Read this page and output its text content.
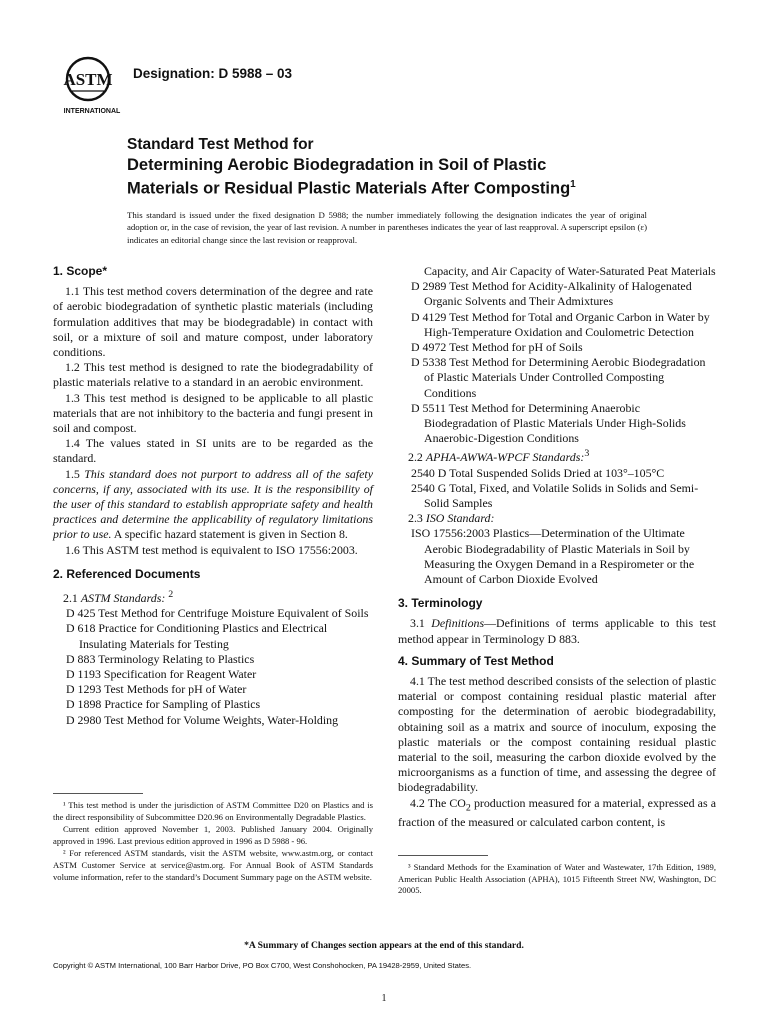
ASTM
INTERNATIONAL
Designation: D 5988 – 03
Standard Test Method for
Determining Aerobic Biodegradation in Soil of Plastic
Materials or Residual Plastic Materials After Composting$^1$
This standard is issued under the fixed designation D 5988; the number immediately following the designation indicates the year of original adoption or, in the case of revision, the year of last revision. A number in parentheses indicates the year of last reapproval. A superscript epsilon (ε) indicates an editorial change since the last revision or reapproval.
1. Scope*

1.1 This test method covers determination of the degree and rate of aerobic biodegradation of synthetic plastic materials (including formulation additives that may be biodegradable) in contact with soil, or a mixture of soil and mature compost, under laboratory conditions.

1.2 This test method is designed to rate the biodegradability of plastic materials relative to a standard in an aerobic environment.

1.3 This test method is designed to be applicable to all plastic materials that are not inhibitory to the bacteria and fungi present in soil and compost.

1.4 The values stated in SI units are to be regarded as the standard.

1.5 This standard does not purport to address all of the safety concerns, if any, associated with its use. It is the responsibility of the user of this standard to establish appropriate safety and health practices and determine the applicability of regulatory limitations prior to use. A specific hazard statement is given in Section 8.

1.6 This ASTM test method is equivalent to ISO 17556:2003.

2. Referenced Documents

2.1 ASTM Standards: $^2$

D 425 Test Method for Centrifuge Moisture Equivalent of Soils

D 618 Practice for Conditioning Plastics and Electrical Insulating Materials for Testing

D 883 Terminology Relating to Plastics

D 1193 Specification for Reagent Water

D 1293 Test Methods for pH of Water

D 1898 Practice for Sampling of Plastics

D 2980 Test Method for Volume Weights, Water-Holding

Capacity, and Air Capacity of Water-Saturated Peat Materials

D 2989 Test Method for Acidity-Alkalinity of Halogenated Organic Solvents and Their Admixtures

D 4129 Test Method for Total and Organic Carbon in Water by High-Temperature Oxidation and Coulometric Detection

D 4972 Test Method for pH of Soils

D 5338 Test Method for Determining Aerobic Biodegradation of Plastic Materials Under Controlled Composting Conditions

D 5511 Test Method for Determining Anaerobic Biodegradation of Plastic Materials Under High-Solids Anaerobic-Digestion Conditions

2.2 APHA-AWWA-WPCF Standards:$^3$

2540 D Total Suspended Solids Dried at 103°–105°C

2540 G Total, Fixed, and Volatile Solids in Solids and Semi-Solid Samples

2.3 ISO Standard:

ISO 17556:2003 Plastics—Determination of the Ultimate Aerobic Biodegradability of Plastic Materials in Soil by Measuring the Oxygen Demand in a Respirometer or the Amount of Carbon Dioxide Evolved

3. Terminology

3.1 Definitions—Definitions of terms applicable to this test method appear in Terminology D 883.

4. Summary of Test Method

4.1 The test method described consists of the selection of plastic material or compost containing residual plastic material after composting for the determination of aerobic biodegradability, obtaining soil as a matrix and source of inoculum, exposing the plastic materials or the compost containing residual plastic material to the soil, measuring the carbon dioxide evolved by the microorganisms as a function of time, and assessing the degree of biodegradability.

4.2 The $CO_2$ production measured for a material, expressed as a fraction of the measured or calculated carbon content, is

¹ This test method is under the jurisdiction of ASTM Committee D20 on Plastics and is the direct responsibility of Subcommittee D20.96 on Environmentally Degradable Plastics.

Current edition approved November 1, 2003. Published January 2004. Originally approved in 1996. Last previous edition approved in 1996 as D 5988 - 96.

² For referenced ASTM standards, visit the ASTM website, www.astm.org, or contact ASTM Customer Service at service@astm.org. For Annual Book of ASTM Standards volume information, refer to the standard’s Document Summary page on the ASTM website.

³ Standard Methods for the Examination of Water and Wastewater, 17th Edition, 1989, American Public Health Association (APHA), 1015 Fifteenth Street NW, Washington, DC 20005.

*A Summary of Changes section appears at the end of this standard.
Copyright © ASTM International, 100 Barr Harbor Drive, PO Box C700, West Conshohocken, PA 19428-2959, United States.
1
